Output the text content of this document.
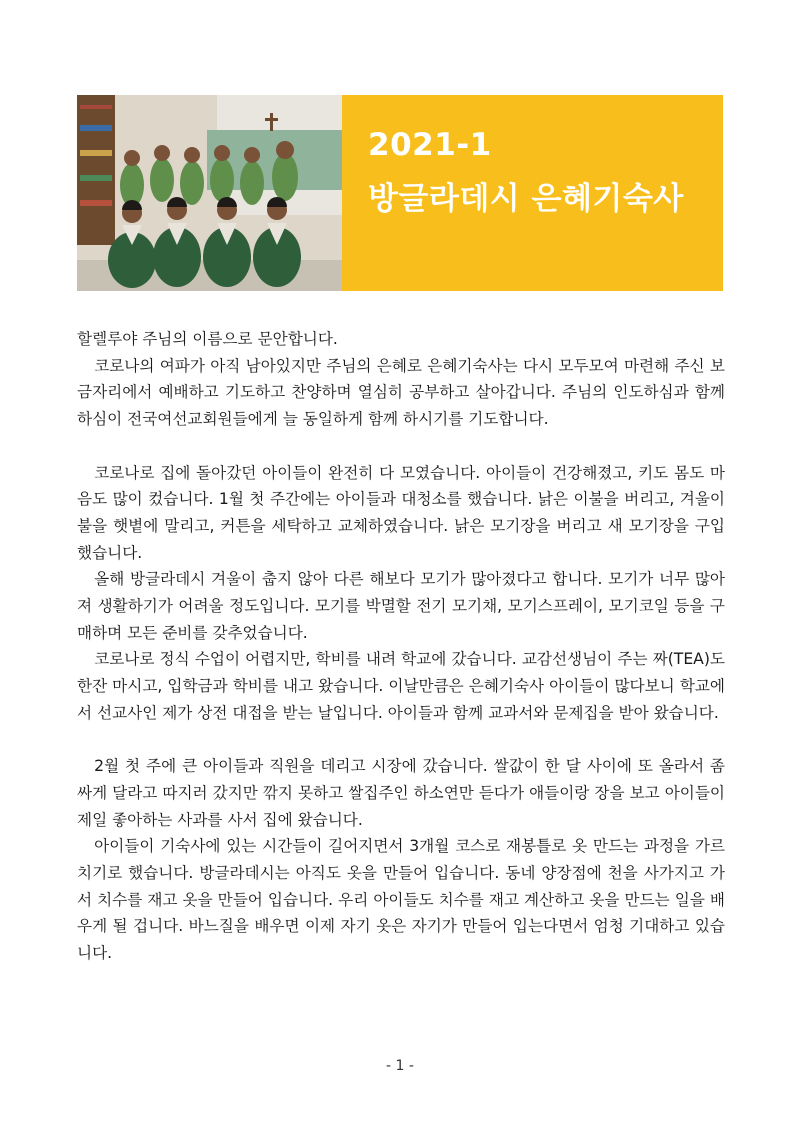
2021-1
방글라데시 은혜기숙사

할렐루야 주님의 이름으로 문안합니다.

코로나의 여파가 아직 남아있지만 주님의 은혜로 은혜기숙사는 다시 모두모여 마련해 주신 보금자리에서 예배하고 기도하고 찬양하며 열심히 공부하고 살아갑니다. 주님의 인도하심과 함께하심이 전국여선교회원들에게 늘 동일하게 함께 하시기를 기도합니다.

코로나로 집에 돌아갔던 아이들이 완전히 다 모였습니다. 아이들이 건강해졌고, 키도 몸도 마음도 많이 컸습니다. 1월 첫 주간에는 아이들과 대청소를 했습니다. 낡은 이불을 버리고, 겨울이불을 햇볕에 말리고, 커튼을 세탁하고 교체하였습니다. 낡은 모기장을 버리고 새 모기장을 구입했습니다.

올해 방글라데시 겨울이 춥지 않아 다른 해보다 모기가 많아졌다고 합니다. 모기가 너무 많아져 생활하기가 어려울 정도입니다. 모기를 박멸할 전기 모기채, 모기스프레이, 모기코일 등을 구매하며 모든 준비를 갖추었습니다.

코로나로 정식 수업이 어렵지만, 학비를 내려 학교에 갔습니다. 교감선생님이 주는 짜(TEA)도 한잔 마시고, 입학금과 학비를 내고 왔습니다. 이날만큼은 은혜기숙사 아이들이 많다보니 학교에서 선교사인 제가 상전 대접을 받는 날입니다. 아이들과 함께 교과서와 문제집을 받아 왔습니다.

2월 첫 주에 큰 아이들과 직원을 데리고 시장에 갔습니다. 쌀값이 한 달 사이에 또 올라서 좀 싸게 달라고 따지러 갔지만 깎지 못하고 쌀집주인 하소연만 듣다가 애들이랑 장을 보고 아이들이 제일 좋아하는 사과를 사서 집에 왔습니다.

아이들이 기숙사에 있는 시간들이 길어지면서 3개월 코스로 재봉틀로 옷 만드는 과정을 가르치기로 했습니다. 방글라데시는 아직도 옷을 만들어 입습니다. 동네 양장점에 천을 사가지고 가서 치수를 재고 옷을 만들어 입습니다. 우리 아이들도 치수를 재고 계산하고 옷을 만드는 일을 배우게 될 겁니다. 바느질을 배우면 이제 자기 옷은 자기가 만들어 입는다면서 엄청 기대하고 있습니다.

- 1 -
